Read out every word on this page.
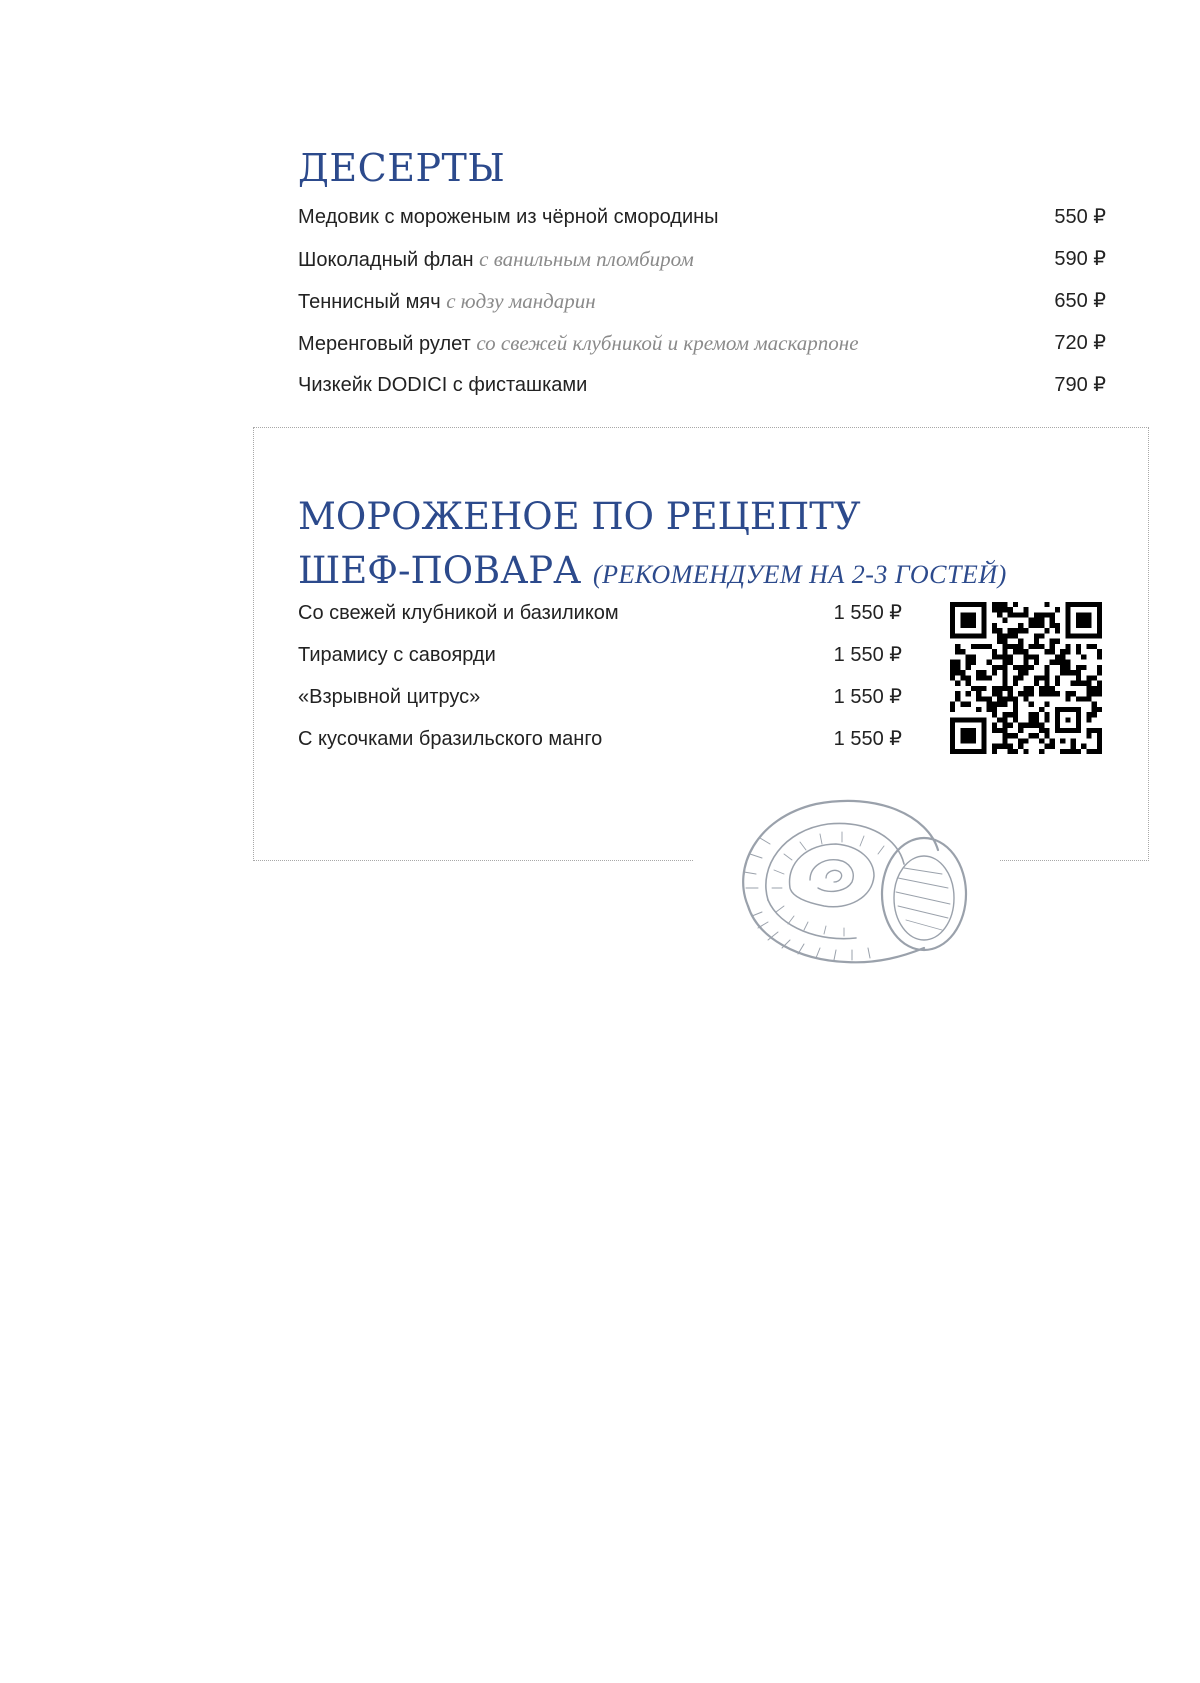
ДЕСЕРТЫ
Медовик с мороженым из чёрной смородины	550 ₽
Шоколадный флан с ванильным пломбиром	590 ₽
Теннисный мяч с юдзу мандарин	650 ₽
Меренговый рулет со свежей клубникой и кремом маскарпоне	720 ₽
Чизкейк DODICI с фисташками	790 ₽
МОРОЖЕНОЕ ПО РЕЦЕПТУ
ШЕФ-ПОВАРА (РЕКОМЕНДУЕМ НА 2-3 ГОСТЕЙ)
Со свежей клубникой и базиликом	1 550 ₽
Тирамису с савоярди	1 550 ₽
«Взрывной цитрус»	1 550 ₽
С кусочками бразильского манго	1 550 ₽
